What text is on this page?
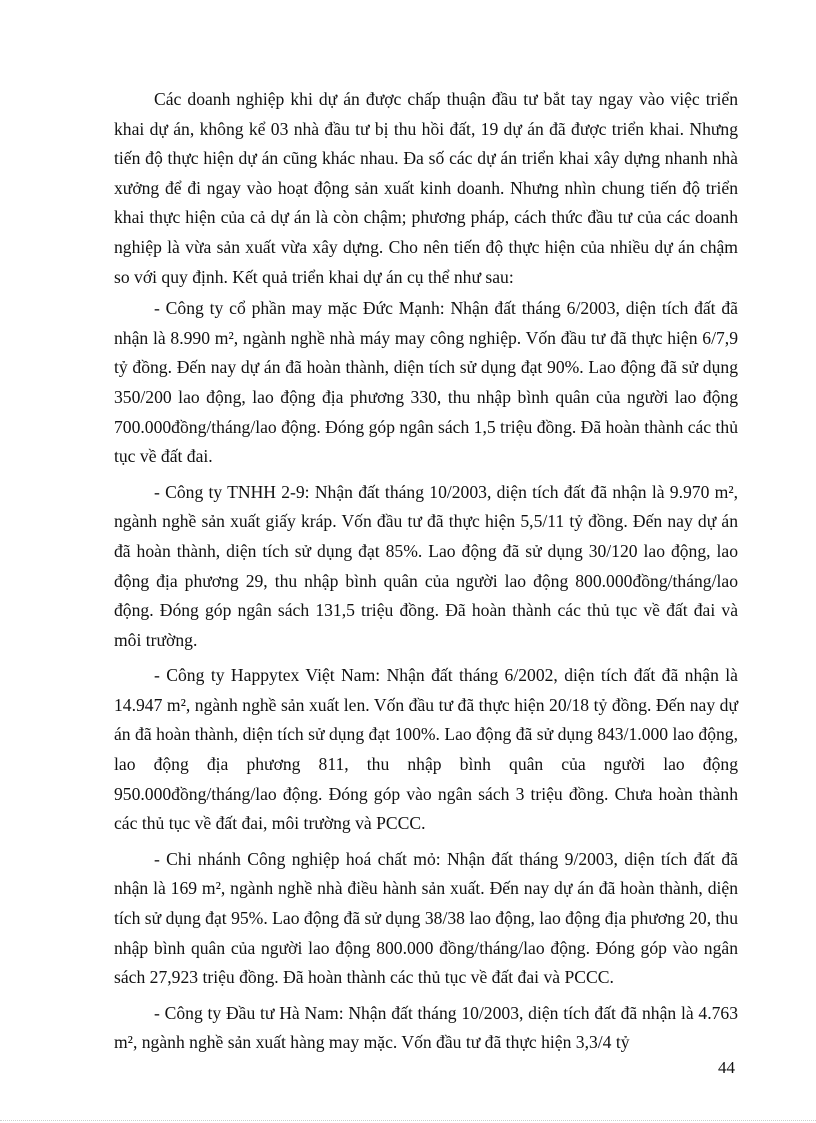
Các doanh nghiệp khi dự án được chấp thuận đầu tư bắt tay ngay vào việc triển khai dự án, không kể 03 nhà đầu tư bị thu hồi đất, 19 dự án đã được triển khai. Nhưng tiến độ thực hiện dự án cũng khác nhau. Đa số các dự án triển khai xây dựng nhanh nhà xưởng để đi ngay vào hoạt động sản xuất kinh doanh. Nhưng nhìn chung tiến độ triển khai thực hiện của cả dự án là còn chậm; phương pháp, cách thức đầu tư của các doanh nghiệp là vừa sản xuất vừa xây dựng. Cho nên tiến độ thực hiện của nhiều dự án chậm so với quy định. Kết quả triển khai dự án cụ thể như sau:

- Công ty cổ phần may mặc Đức Mạnh: Nhận đất tháng 6/2003, diện tích đất đã nhận là 8.990 m², ngành nghề nhà máy may công nghiệp. Vốn đầu tư đã thực hiện 6/7,9 tỷ đồng. Đến nay dự án đã hoàn thành, diện tích sử dụng đạt 90%. Lao động đã sử dụng 350/200 lao động, lao động địa phương 330, thu nhập bình quân của người lao động 700.000đồng/tháng/lao động. Đóng góp ngân sách 1,5 triệu đồng. Đã hoàn thành các thủ tục về đất đai.

- Công ty TNHH 2-9: Nhận đất tháng 10/2003, diện tích đất đã nhận là 9.970 m², ngành nghề sản xuất giấy kráp. Vốn đầu tư đã thực hiện 5,5/11 tỷ đồng. Đến nay dự án đã hoàn thành, diện tích sử dụng đạt 85%. Lao động đã sử dụng 30/120 lao động, lao động địa phương 29, thu nhập bình quân của người lao động 800.000đồng/tháng/lao động. Đóng góp ngân sách 131,5 triệu đồng. Đã hoàn thành các thủ tục về đất đai và môi trường.

- Công ty Happytex Việt Nam: Nhận đất tháng 6/2002, diện tích đất đã nhận là 14.947 m², ngành nghề sản xuất len. Vốn đầu tư đã thực hiện 20/18 tỷ đồng. Đến nay dự án đã hoàn thành, diện tích sử dụng đạt 100%. Lao động đã sử dụng 843/1.000 lao động, lao động địa phương 811, thu nhập bình quân của người lao động 950.000đồng/tháng/lao động. Đóng góp vào ngân sách 3 triệu đồng. Chưa hoàn thành các thủ tục về đất đai, môi trường và PCCC.

- Chi nhánh Công nghiệp hoá chất mỏ: Nhận đất tháng 9/2003, diện tích đất đã nhận là 169 m², ngành nghề nhà điều hành sản xuất. Đến nay dự án đã hoàn thành, diện tích sử dụng đạt 95%. Lao động đã sử dụng 38/38 lao động, lao động địa phương 20, thu nhập bình quân của người lao động 800.000 đồng/tháng/lao động. Đóng góp vào ngân sách 27,923 triệu đồng. Đã hoàn thành các thủ tục về đất đai và PCCC.

- Công ty Đầu tư Hà Nam: Nhận đất tháng 10/2003, diện tích đất đã nhận là 4.763 m², ngành nghề sản xuất hàng may mặc. Vốn đầu tư đã thực hiện 3,3/4 tỷ

44
